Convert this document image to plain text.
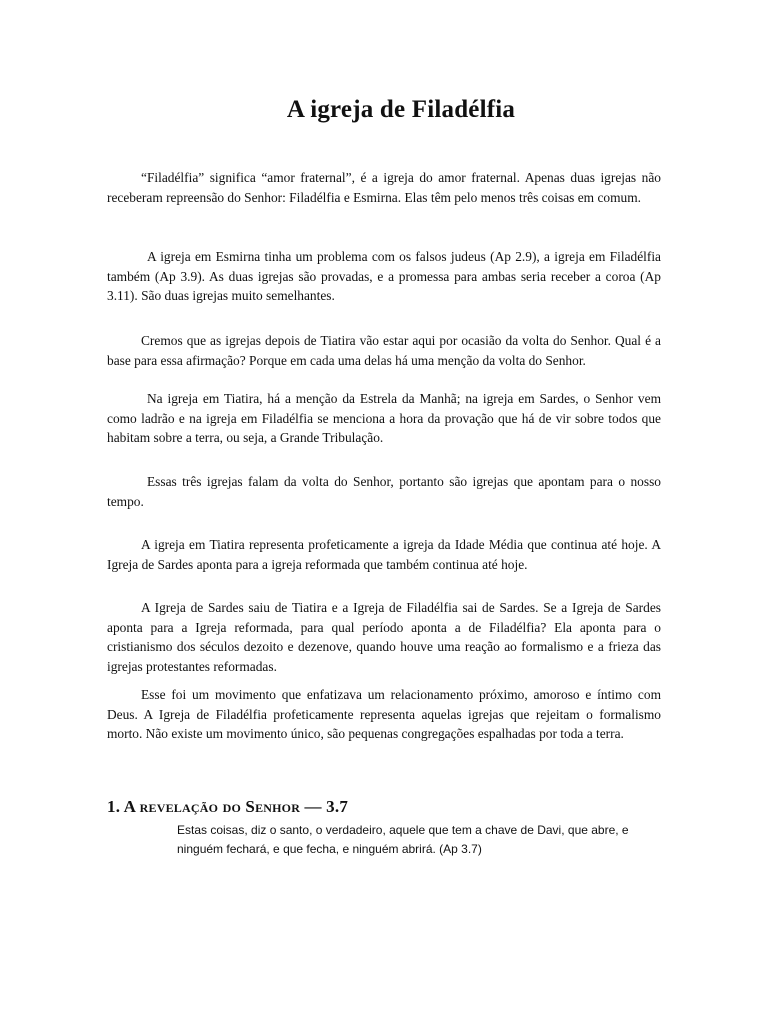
A igreja de Filadélfia

“Filadélfia” significa “amor fraternal”, é a igreja do amor fraternal. Apenas duas igrejas não receberam repreensão do Senhor: Filadélfia e Esmirna. Elas têm pelo menos três coisas em comum.

A igreja em Esmirna tinha um problema com os falsos judeus (Ap 2.9), a igreja em Filadélfia também (Ap 3.9). As duas igrejas são provadas, e a promessa para ambas seria receber a coroa (Ap 3.11). São duas igrejas muito semelhantes.

Cremos que as igrejas depois de Tiatira vão estar aqui por ocasião da volta do Senhor. Qual é a base para essa afirmação? Porque em cada uma delas há uma menção da volta do Senhor.

Na igreja em Tiatira, há a menção da Estrela da Manhã; na igreja em Sardes, o Senhor vem como ladrão e na igreja em Filadélfia se menciona a hora da provação que há de vir sobre todos que habitam sobre a terra, ou seja, a Grande Tribulação.

Essas três igrejas falam da volta do Senhor, portanto são igrejas que apontam para o nosso tempo.

A igreja em Tiatira representa profeticamente a igreja da Idade Média que continua até hoje. A Igreja de Sardes aponta para a igreja reformada que também continua até hoje.

A Igreja de Sardes saiu de Tiatira e a Igreja de Filadélfia sai de Sardes. Se a Igreja de Sardes aponta para a Igreja reformada, para qual período aponta a de Filadélfia? Ela aponta para o cristianismo dos séculos dezoito e dezenove, quando houve uma reação ao formalismo e a frieza das igrejas protestantes reformadas.

Esse foi um movimento que enfatizava um relacionamento próximo, amoroso e íntimo com Deus. A Igreja de Filadélfia profeticamente representa aquelas igrejas que rejeitam o formalismo morto. Não existe um movimento único, são pequenas congregações espalhadas por toda a terra.

1. A revelação do Senhor — 3.7

Estas coisas, diz o santo, o verdadeiro, aquele que tem a chave de Davi, que abre, e ninguém fechará, e que fecha, e ninguém abrirá. (Ap 3.7)
